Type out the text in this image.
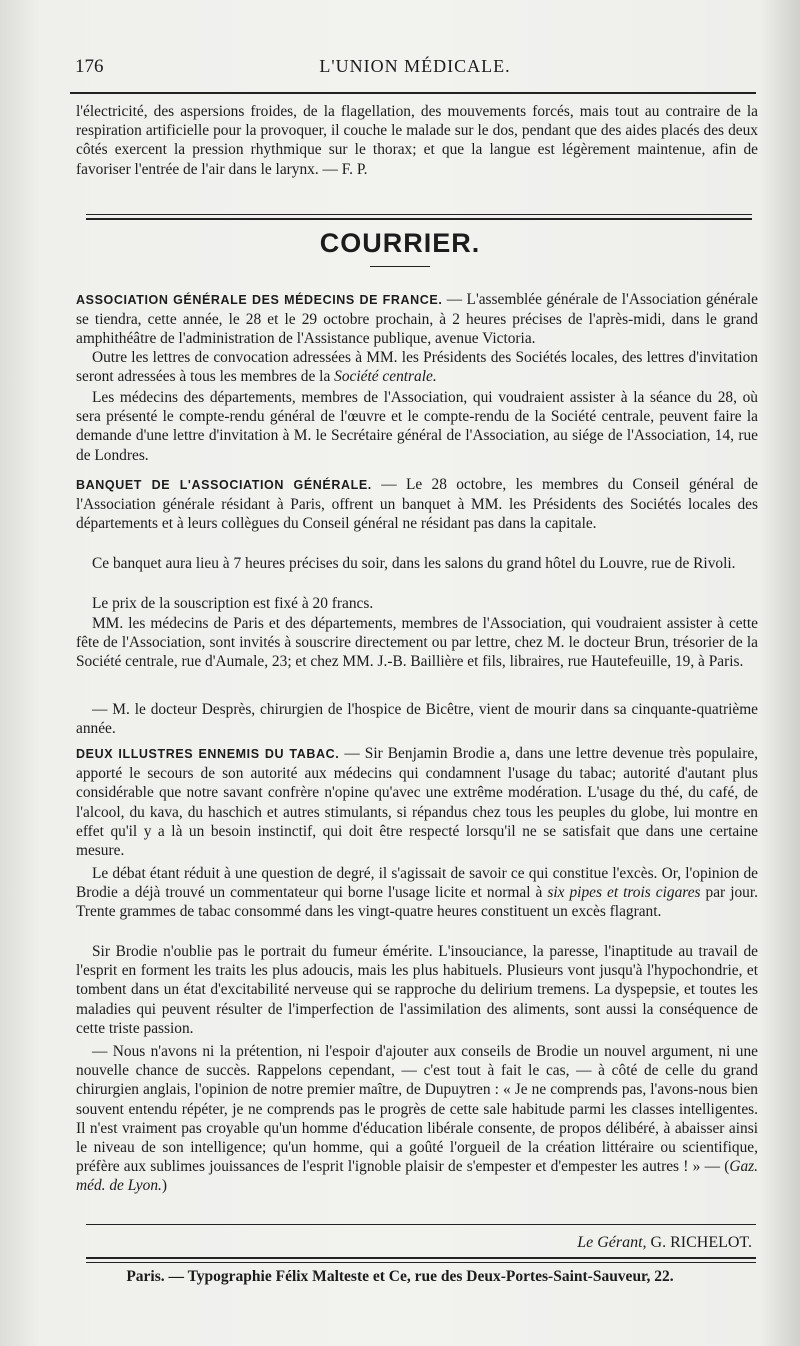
176	L'UNION MÉDICALE.
l'électricité, des aspersions froides, de la flagellation, des mouvements forcés, mais tout au contraire de la respiration artificielle pour la provoquer, il couche le malade sur le dos, pendant que des aides placés des deux côtés exercent la pression rhythmique sur le thorax; et que la langue est légèrement maintenue, afin de favoriser l'entrée de l'air dans le larynx. — F. P.
COURRIER.
ASSOCIATION GÉNÉRALE DES MÉDECINS DE FRANCE. — L'assemblée générale de l'Association générale se tiendra, cette année, le 28 et le 29 octobre prochain, à 2 heures précises de l'après-midi, dans le grand amphithéâtre de l'administration de l'Assistance publique, avenue Victoria.
Outre les lettres de convocation adressées à MM. les Présidents des Sociétés locales, des lettres d'invitation seront adressées à tous les membres de la Société centrale.
Les médecins des départements, membres de l'Association, qui voudraient assister à la séance du 28, où sera présenté le compte-rendu général de l'œuvre et le compte-rendu de la Société centrale, peuvent faire la demande d'une lettre d'invitation à M. le Secrétaire général de l'Association, au siége de l'Association, 14, rue de Londres.
BANQUET DE L'ASSOCIATION GÉNÉRALE. — Le 28 octobre, les membres du Conseil général de l'Association générale résidant à Paris, offrent un banquet à MM. les Présidents des Sociétés locales des départements et à leurs collègues du Conseil général ne résidant pas dans la capitale.
Ce banquet aura lieu à 7 heures précises du soir, dans les salons du grand hôtel du Louvre, rue de Rivoli.
Le prix de la souscription est fixé à 20 francs.
MM. les médecins de Paris et des départements, membres de l'Association, qui voudraient assister à cette fête de l'Association, sont invités à souscrire directement ou par lettre, chez M. le docteur Brun, trésorier de la Société centrale, rue d'Aumale, 23; et chez MM. J.-B. Baillière et fils, libraires, rue Hautefeuille, 19, à Paris.
— M. le docteur Desprès, chirurgien de l'hospice de Bicêtre, vient de mourir dans sa cinquante-quatrième année.
DEUX ILLUSTRES ENNEMIS DU TABAC. — Sir Benjamin Brodie a, dans une lettre devenue très populaire, apporté le secours de son autorité aux médecins qui condamnent l'usage du tabac; autorité d'autant plus considérable que notre savant confrère n'opine qu'avec une extrême modération. L'usage du thé, du café, de l'alcool, du kava, du haschich et autres stimulants, si répandus chez tous les peuples du globe, lui montre en effet qu'il y a là un besoin instinctif, qui doit être respecté lorsqu'il ne se satisfait que dans une certaine mesure.
Le débat étant réduit à une question de degré, il s'agissait de savoir ce qui constitue l'excès. Or, l'opinion de Brodie a déjà trouvé un commentateur qui borne l'usage licite et normal à six pipes et trois cigares par jour. Trente grammes de tabac consommé dans les vingt-quatre heures constituent un excès flagrant.
Sir Brodie n'oublie pas le portrait du fumeur émérite. L'insouciance, la paresse, l'inaptitude au travail de l'esprit en forment les traits les plus adoucis, mais les plus habituels. Plusieurs vont jusqu'à l'hypochondrie, et tombent dans un état d'excitabilité nerveuse qui se rapproche du delirium tremens. La dyspepsie, et toutes les maladies qui peuvent résulter de l'imperfection de l'assimilation des aliments, sont aussi la conséquence de cette triste passion.
— Nous n'avons ni la prétention, ni l'espoir d'ajouter aux conseils de Brodie un nouvel argument, ni une nouvelle chance de succès. Rappelons cependant, — c'est tout à fait le cas, — à côté de celle du grand chirurgien anglais, l'opinion de notre premier maître, de Dupuytren : « Je ne comprends pas, l'avons-nous bien souvent entendu répéter, je ne comprends pas le progrès de cette sale habitude parmi les classes intelligentes. Il n'est vraiment pas croyable qu'un homme d'éducation libérale consente, de propos délibéré, à abaisser ainsi le niveau de son intelligence; qu'un homme, qui a goûté l'orgueil de la création littéraire ou scientifique, préfère aux sublimes jouissances de l'esprit l'ignoble plaisir de s'empester et d'empester les autres ! » — (Gaz. méd. de Lyon.)
Le Gérant, G. RICHELOT.
Paris. — Typographie Félix Malteste et Ce, rue des Deux-Portes-Saint-Sauveur, 22.
